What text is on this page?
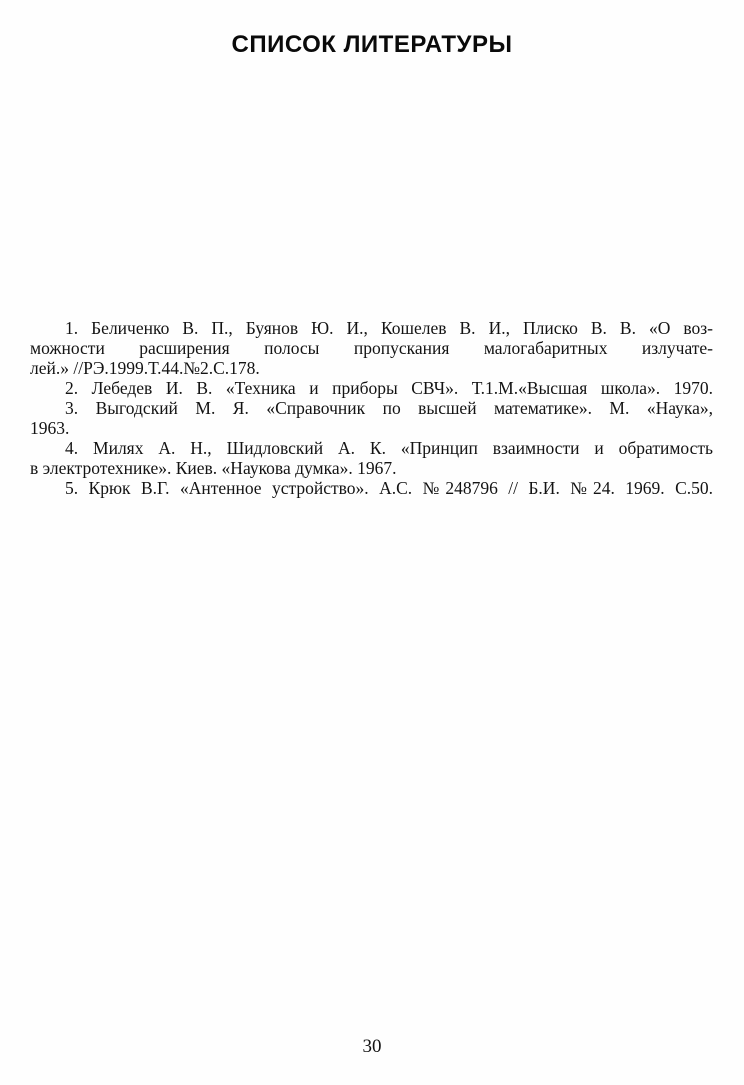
СПИСОК ЛИТЕРАТУРЫ
1. Беличенко В. П., Буянов Ю. И., Кошелев В. И., Плиско В. В. «О воз-
можности расширения полосы пропускания малогабаритных излучате-
лей.» //РЭ.1999.Т.44.№2.С.178.
2. Лебедев И. В. «Техника и приборы СВЧ». Т.1.М.«Высшая школа». 1970.
3. Выгодский М. Я. «Справочник по высшей математике». М. «Наука»,
1963.
4. Милях А. Н., Шидловский А. К. «Принцип взаимности и обратимость
в электротехнике». Киев. «Наукова думка». 1967.
5. Крюк В.Г. «Антенное устройство». А.С. №248796 // Б.И. №24. 1969. С.50.
30
